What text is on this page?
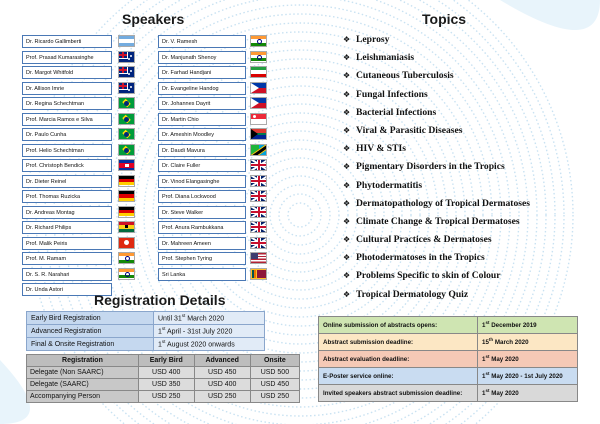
Speakers	Topics
Dr. Ricardo Gallimberti
Prof. Prasad Kumarasinghe
Dr. Margot Whitfold
Dr. Allison Imrie
Dr. Regina Schechtman
Prof. Marcia Ramos e Silva
Dr. Paulo Cunha
Prof. Helio Schechtman
Prof. Christoph Bendick
Dr. Dieter Reinel
Prof. Thomas Ruzicka
Dr. Andreas Montag
Dr. Richard Philips
Prof. Malik Peiris
Prof. M. Ramam
Dr. S. R. Narahari
Dr. Unda Astori
Dr. V. Ramesh
Dr. Manjunath Shenoy
Dr. Farhad Handjani
Dr. Evangeline Handog
Dr. Johannes Dayrit
Dr. Martin Chio
Dr. Ameshin Moodley
Dr. Daudi Mavura
Dr. Claire Fuller
Dr. Vinod Elangasinghe
Prof. Diana Lockwood
Dr. Steve Walker
Prof. Anura Rambukkana
Dr. Mahreen Ameen
Prof. Stephen Tyring
Sri Lanka
❖ Leprosy
❖ Leishmaniasis
❖ Cutaneous Tuberculosis
❖ Fungal Infections
❖ Bacterial Infections
❖ Viral & Parasitic Diseases
❖ HIV & STIs
❖ Pigmentary Disorders in the Tropics
❖ Phytodermatitis
❖ Dermatopathology of Tropical Dermatoses
❖ Climate Change & Tropical Dermatoses
❖ Cultural Practices & Dermatoses
❖ Photodermatoses in the Tropics
❖ Problems Specific to skin of Colour
❖ Tropical Dermatology Quiz
Registration Details
Early Bird Registration	Until 31st March 2020
Advanced Registration	1st April - 31st July 2020
Final & Onsite Registration	1st August 2020 onwards
Registration	Early Bird	Advanced	Onsite
Delegate (Non SAARC)	USD 400	USD 450	USD 500
Delegate (SAARC)	USD 350	USD 400	USD 450
Accompanying Person	USD 250	USD 250	USD 250
Online submission of abstracts opens:	1st December 2019
Abstract submission deadline:	15th March 2020
Abstract evaluation deadline:	1st May 2020
E-Poster service online:	1st May 2020 - 1st July 2020
Invited speakers abstract submission deadline:	1st May 2020
